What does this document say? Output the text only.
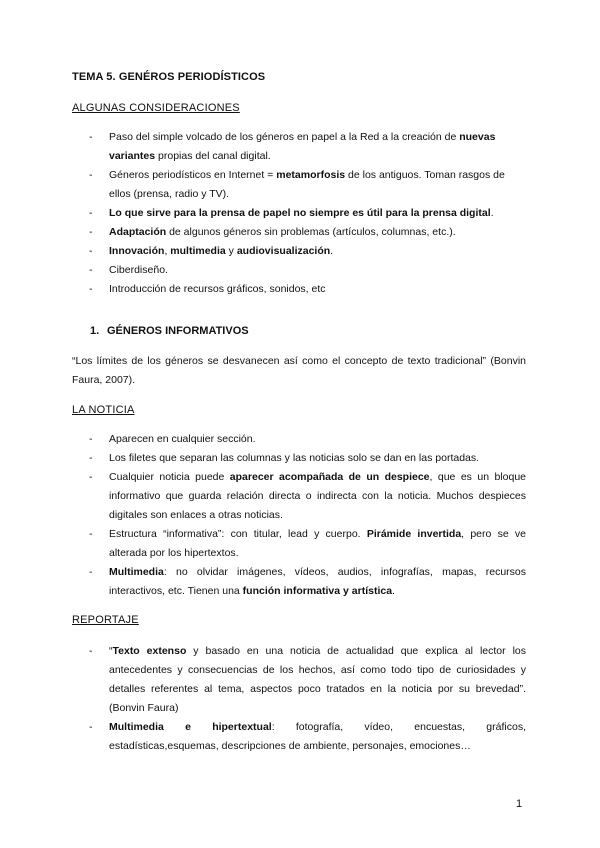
TEMA 5. GENÉROS PERIODÍSTICOS
ALGUNAS CONSIDERACIONES
- Paso del simple volcado de los géneros en papel a la Red a la creación de nuevas variantes propias del canal digital.
- Géneros periodísticos en Internet = metamorfosis de los antiguos. Toman rasgos de ellos (prensa, radio y TV).
- Lo que sirve para la prensa de papel no siempre es útil para la prensa digital.
- Adaptación de algunos géneros sin problemas (artículos, columnas, etc.).
- Innovación, multimedia y audiovisualización.
- Ciberdiseño.
- Introducción de recursos gráficos, sonidos, etc
1. GÉNEROS INFORMATIVOS
“Los límites de los géneros se desvanecen así como el concepto de texto tradicional” (Bonvin Faura, 2007).
LA NOTICIA
- Aparecen en cualquier sección.
- Los filetes que separan las columnas y las noticias solo se dan en las portadas.
- Cualquier noticia puede aparecer acompañada de un despiece, que es un bloque informativo que guarda relación directa o indirecta con la noticia. Muchos despieces digitales son enlaces a otras noticias.
- Estructura “informativa”: con titular, lead y cuerpo. Pirámide invertida, pero se ve alterada por los hipertextos.
- Multimedia: no olvidar imágenes, vídeos, audios, infografías, mapas, recursos interactivos, etc. Tienen una función informativa y artística.
REPORTAJE
- “Texto extenso y basado en una noticia de actualidad que explica al lector los antecedentes y consecuencias de los hechos, así como todo tipo de curiosidades y detalles referentes al tema, aspectos poco tratados en la noticia por su brevedad”.(Bonvin Faura)
- Multimedia e hipertextual: fotografía, vídeo, encuestas, gráficos, estadísticas,esquemas, descripciones de ambiente, personajes, emociones…
1
